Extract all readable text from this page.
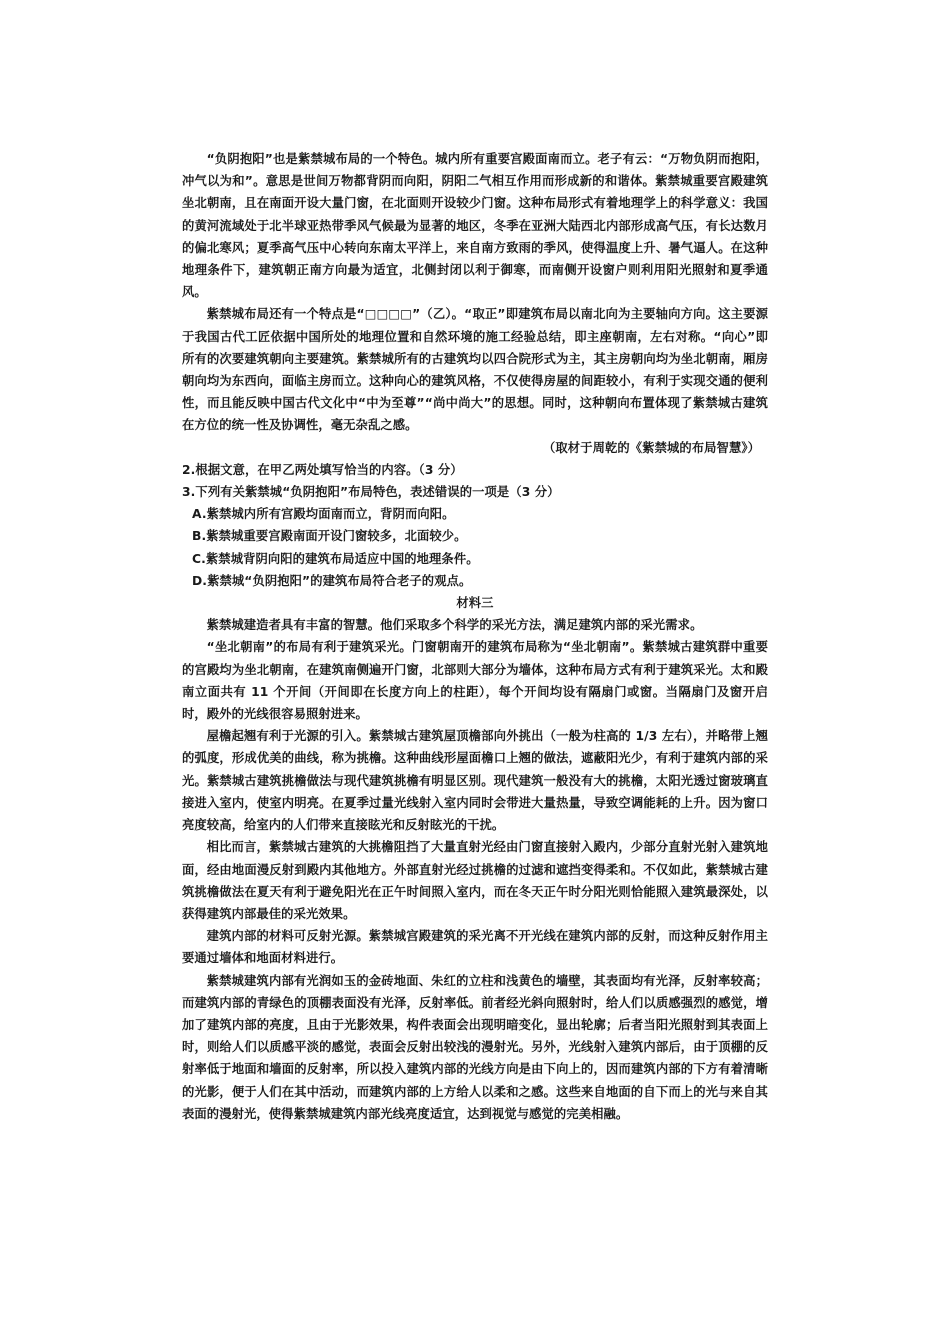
“负阴抱阳”也是紫禁城布局的一个特色。城内所有重要宫殿面南而立。老子有云：“万物负阴而抱阳，冲气以为和”。意思是世间万物都背阴而向阳，阴阳二气相互作用而形成新的和谐体。紫禁城重要宫殿建筑坐北朝南，且在南面开设大量门窗，在北面则开设较少门窗。这种布局形式有着地理学上的科学意义：我国的黄河流域处于北半球亚热带季风气候最为显著的地区，冬季在亚洲大陆西北内部形成高气压，有长达数月的偏北寒风；夏季高气压中心转向东南太平洋上，来自南方致雨的季风，使得温度上升、暑气逼人。在这种地理条件下，建筑朝正南方向最为适宜，北侧封闭以利于御寒，而南侧开设窗户则利用阳光照射和夏季通风。

紫禁城布局还有一个特点是“□□□□”（乙）。“取正”即建筑布局以南北向为主要轴向方向。这主要源于我国古代工匠依据中国所处的地理位置和自然环境的施工经验总结，即主座朝南，左右对称。“向心”即所有的次要建筑朝向主要建筑。紫禁城所有的古建筑均以四合院形式为主，其主房朝向均为坐北朝南，厢房朝向均为东西向，面临主房而立。这种向心的建筑风格，不仅使得房屋的间距较小，有利于实现交通的便利性，而且能反映中国古代文化中“中为至尊”“尚中尚大”的思想。同时，这种朝向布置体现了紫禁城古建筑在方位的统一性及协调性，毫无杂乱之感。

（取材于周乾的《紫禁城的布局智慧》）

2.根据文意，在甲乙两处填写恰当的内容。（3 分）

3.下列有关紫禁城“负阴抱阳”布局特色，表述错误的一项是（3 分）

A.紫禁城内所有宫殿均面南而立，背阴而向阳。

B.紫禁城重要宫殿南面开设门窗较多，北面较少。

C.紫禁城背阴向阳的建筑布局适应中国的地理条件。

D.紫禁城“负阴抱阳”的建筑布局符合老子的观点。

材料三

紫禁城建造者具有丰富的智慧。他们采取多个科学的采光方法，满足建筑内部的采光需求。

“坐北朝南”的布局有利于建筑采光。门窗朝南开的建筑布局称为“坐北朝南”。紫禁城古建筑群中重要的宫殿均为坐北朝南，在建筑南侧遍开门窗，北部则大部分为墙体，这种布局方式有利于建筑采光。太和殿南立面共有 11 个开间（开间即在长度方向上的柱距），每个开间均设有隔扇门或窗。当隔扇门及窗开启时，殿外的光线很容易照射进来。

屋檐起翘有利于光源的引入。紫禁城古建筑屋顶檐部向外挑出（一般为柱高的 1/3 左右），并略带上翘的弧度，形成优美的曲线，称为挑檐。这种曲线形屋面檐口上翘的做法，遮蔽阳光少，有利于建筑内部的采光。紫禁城古建筑挑檐做法与现代建筑挑檐有明显区别。现代建筑一般没有大的挑檐，太阳光透过窗玻璃直接进入室内，使室内明亮。在夏季过量光线射入室内同时会带进大量热量，导致空调能耗的上升。因为窗口亮度较高，给室内的人们带来直接眩光和反射眩光的干扰。

相比而言，紫禁城古建筑的大挑檐阻挡了大量直射光经由门窗直接射入殿内，少部分直射光射入建筑地面，经由地面漫反射到殿内其他地方。外部直射光经过挑檐的过滤和遮挡变得柔和。不仅如此，紫禁城古建筑挑檐做法在夏天有利于避免阳光在正午时间照入室内，而在冬天正午时分阳光则恰能照入建筑最深处，以获得建筑内部最佳的采光效果。

建筑内部的材料可反射光源。紫禁城宫殿建筑的采光离不开光线在建筑内部的反射，而这种反射作用主要通过墙体和地面材料进行。

紫禁城建筑内部有光润如玉的金砖地面、朱红的立柱和浅黄色的墙壁，其表面均有光泽，反射率较高；而建筑内部的青绿色的顶棚表面没有光泽，反射率低。前者经光斜向照射时，给人们以质感强烈的感觉，增加了建筑内部的亮度，且由于光影效果，构件表面会出现明暗变化，显出轮廓；后者当阳光照射到其表面上时，则给人们以质感平淡的感觉，表面会反射出较浅的漫射光。另外，光线射入建筑内部后，由于顶棚的反射率低于地面和墙面的反射率，所以投入建筑内部的光线方向是由下向上的，因而建筑内部的下方有着清晰的光影，便于人们在其中活动，而建筑内部的上方给人以柔和之感。这些来自地面的自下而上的光与来自其表面的漫射光，使得紫禁城建筑内部光线亮度适宜，达到视觉与感觉的完美相融。
